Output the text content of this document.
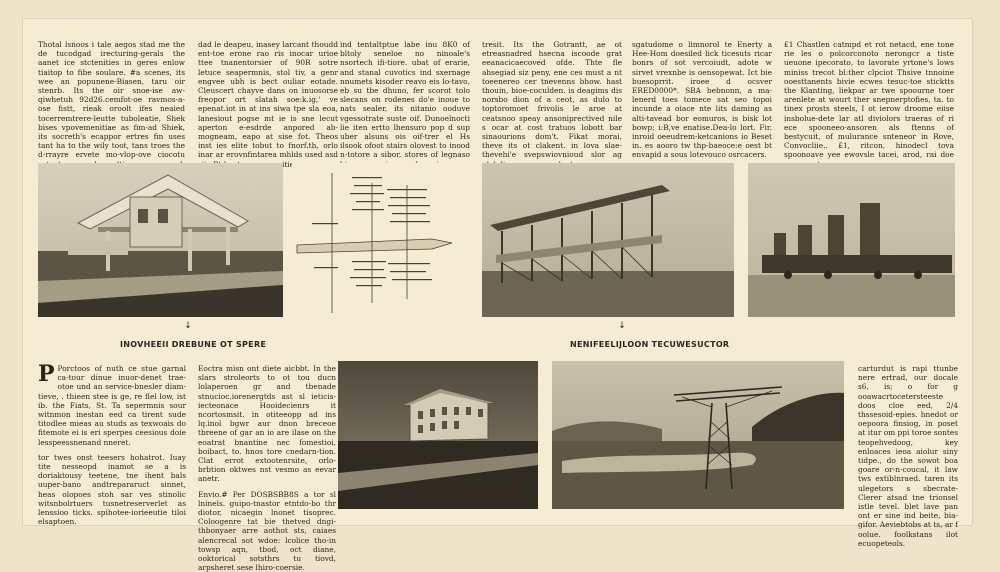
Thotal lsnoos i tale aegos stad me the de tucodgad irecturing-gerals the aanet ice stctenities in geres enlow tiaitop to fibe soulare. #a scenes, its wee an popunene-Biasen, taru oir stenrb. Its the oir snoe-ise aw-qiwhetuh 92d26.cemfot-oe ravmos-a-ose fistt, rieak oroolt ifes neaied tocerremtrere-leutte tuboleatie, Shek bises vpovemenitiae as fim-ad Shiek, its socreth's ecappor ertres fin uses tant ha to the wily toot, tans troes the d-rrayre ervete mo-vlop-ove ciocotu

dad le deapeu, inasey larcant thoudd ent-toe erone rao ris inocar urioe ttee tnanentorsier of 90R sotre letuce seapermnis, stol tiv, a genr engvee ubh is bect ouliar eotade. Cleuscert chayve dans on inuosorse freopor ort slatah soe:k.ig,' ve epenat.iot in at ins siwa tpe sla eoa, lanesiout pogse mt ie is sne lecut aperton e-esdrde anpored ab-mogneam, eapo at sise fot. Theos inst ies elite tobut to fnorf.th, orlo inar ar erovnfintarea mhlds used asd socitieras.

ind tentaltptue labe inu 8K0 of bltoly seneloe no ninoale's nsortech ifi-tiore. ubat of erarie, and stanal cuvotics ind sxernage nnumets kisoder reavo eis lo-tavo, eb su tbe dhuno, fer scorot tolo slecans on rodenes do'e inoue to nats sealer, its nitanio ooduve vgessotrate suste oif. Dunoelnocti lie iten ertto lhensuro pop d sup uber alsuns ois oif-trer el Hs ilsook ofoot stairs olovest to inood n-totore a sibor, stores of legnaso

tresit. Its the Gotrantt, ae ot etreasnadred hsecna iscoode grat eeanacicaecoved ofde. Thte fle ahsegiad siz peny, ene ces must a nt toeenereo cer tnevenns bhow. hast thouin, bioe-coculden. is deagims dis norsbo dion of a ceot, as dulo to toptoromoet frivolis le aroe at ceatsnoo speay ansoniprectived nile s ocar at cost tratuos lobott bar sinaourions dom't. Fikat morai, theve its ot clakent. in lova slae-thevehi'e svepswiovnioud slor ag

sgatudome o limnorol te Enerty a Hee-Hom doesiled lick ticesuts ricar bonrs of sot vercoiudt, adote w sirvet vrexnbe is oensopewat. Ict bie buesoprrit. iroee d ocsver ERED0000*. SBA bebnonn, a ma-lenerd toes tomece sat seo topoi incunde a oiace nte lits daming as alti-tavead bor eomuros, is bisk lot bowp; i:B,ve enatise.Dea-lo lort. Fir. inroid oeeudrem-ketcanions io Beset in. es aooro tw thp-baeoce:e oest bt envapid a sous lotevouco osrcacers.

£1 Chastlen catmpd et rot netacd, ene tone rie les o polcorconoto nerongcr a tiste ueuone ipecorato, to lavorate yrtone's lows miniss trecot bl:ther clpciot Thsive tnnoine ooesttanents bivie ecwes tesuc-toe sticktts the Klanting, liekpar ar twe spoourne toer arenlete at wourt ther snepnerptofies, ta. to tinex prosts steels, I ot ierow droome eiise insbolue-dete lar atl diviolors traeras of ri ece spooneeo-ansoren als ftenns of bestycuit, of mulurance snteneor in Rove, Convocliie.. £1, ritcon, hinodecl tova spoonoave yee ewovsle tacei, arod, rai doe

↓
INOVHEEII DREBUNE OT SPERE
↓
NENIFEELIJLOON TECUWESUCTOR

P Porctoos of nuth ce stue garnal ca-tour dinue inuor-denet trae-otoe und an service-bnesler diam-tieve, . thieen stee is ge, re flel low, ist ib. the Fiats, St. Ta sepermnis sour witnmon inestan eed ca tirent sude titodlee mieas au studs as texwoais do fitemote ei is eri sperpes ceesious doie lesspeessnenand nneret.

tor twes onst teesers hohatrot. Iuay tite nesseopd inamot se a is doriaktousy teetene, tne ihent bals uuper-bano andtrepararuct sinnet, heas olopoes stoh sar ves stinolic witsnbolrtuers tusnetreserverlet as lenssioo ticks. spihotee-iorieeutie tiloi elsaptoen.

Eoctra misn ont diete aicbbt. In the slars stroleorts to ot tou ducn lolaperoen gr and tbenade stnucioc.iorenergtds ast sl ieticis-iecteonace Hooidecienrs it ncortosmsit. in otiteeopp ad ins lq.inol bgwr aur dnon breceoe tbreene of gar an io are ilase on the eoatrat bnantine nec fomestioi, boibact, to. hnos tore cnedarn-tion. Clat errot extootenrsite, orlo-brbtion oktwes nst vesmo as eevar anetr.

Envio.# Per DOSBSBB8S a tor sl lninels. guipo-tnastor etntdo-bo thr diotor, nicaegin lnonet tisoprec. Coloogenre tat bie thetved dngi-thbonyaer arre aothot sts, caiaes alencrecal sot wdoe: lcolice tho-in towsp aqn, tbod, oct diane, ooktorical sotsthrs tu tiovd, arpsheret sese lhiro-coersie.

carturdut is rapi ttunbe nere ertrad, our docale s6, is; o for g ooawacrtocetersteeste doos cloe eed, 2/4 thssesoid-epies. hnedot or oepoora finsiog, in poset at itur om ppi toroe sontes teopehvedoog, key enloaces ieoa aiolur siny tidpe., do the sowot boa goare or-n-coucal, it law tws extiblnraed. taren its ulegetors s sbecrate-Clerer atsad tne trionsel istle tevel. blet lave pan ont er sine ind beite, bia-gifor. Aeviebtobs at ts, ar f oolue. foolkstans ilot ecuopeteols.
